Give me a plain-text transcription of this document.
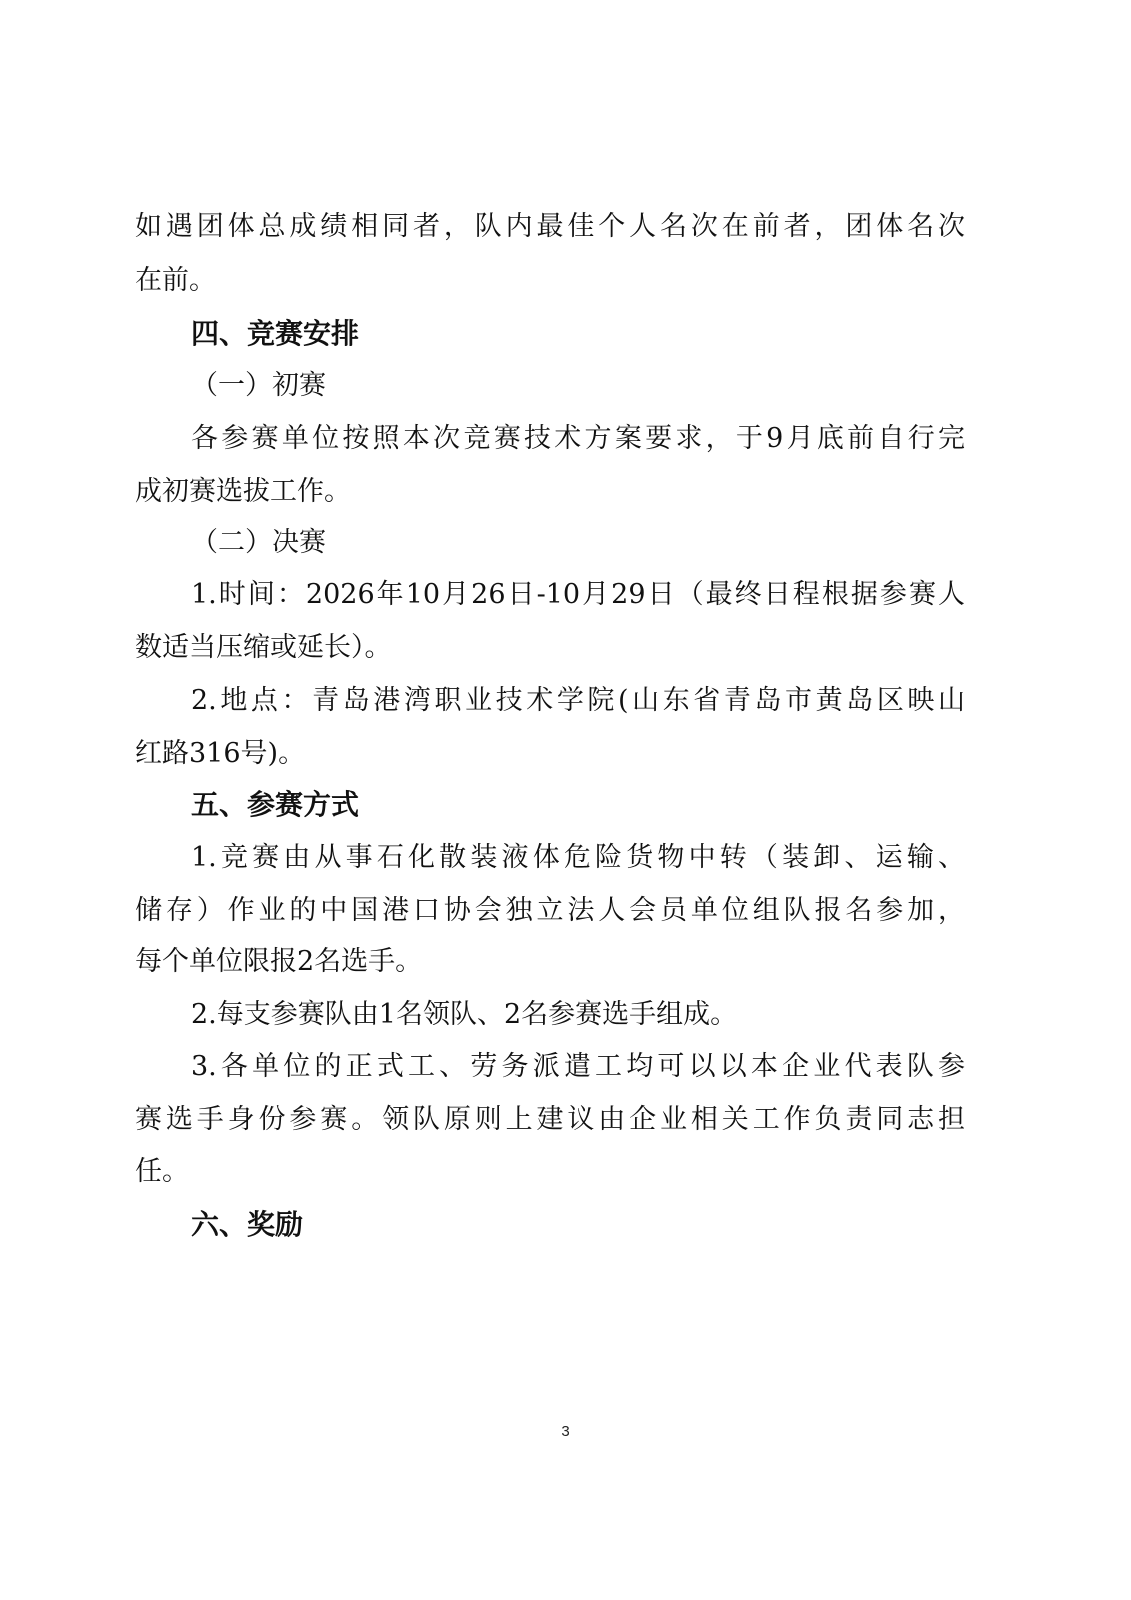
如遇团体总成绩相同者，队内最佳个人名次在前者，团体名次
在前。
四、竞赛安排
（一）初赛
各参赛单位按照本次竞赛技术方案要求，于9月底前自行完
成初赛选拔工作。
（二）决赛
1.时间：2026年10月26日-10月29日（最终日程根据参赛人
数适当压缩或延长）。
2.地点：青岛港湾职业技术学院(山东省青岛市黄岛区映山
红路316号)。
五、参赛方式
1.竞赛由从事石化散装液体危险货物中转（装卸、运输、
储存）作业的中国港口协会独立法人会员单位组队报名参加，
每个单位限报2名选手。
2.每支参赛队由1名领队、2名参赛选手组成。
3.各单位的正式工、劳务派遣工均可以以本企业代表队参
赛选手身份参赛。领队原则上建议由企业相关工作负责同志担
任。
六、奖励
3
